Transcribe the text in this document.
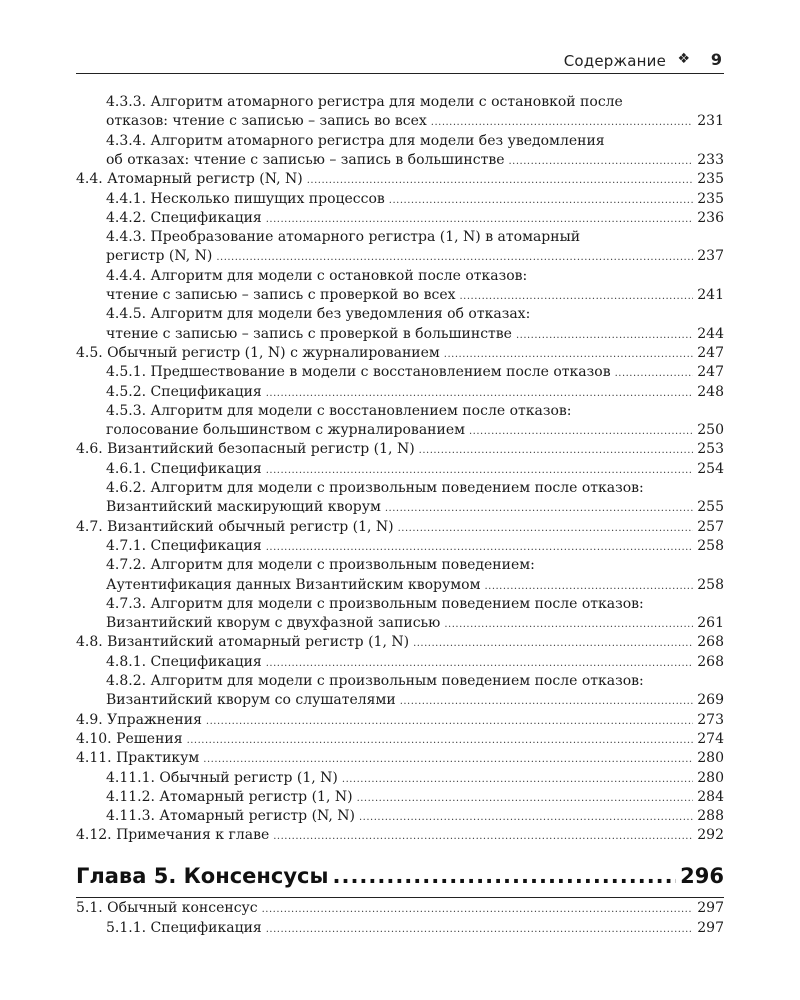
Содержание ❖ 9
4.3.3. Алгоритм атомарного регистра для модели с остановкой после
отказов: чтение с записью – запись во всех .....	231
4.3.4. Алгоритм атомарного регистра для модели без уведомления
об отказах: чтение с записью – запись в большинстве .....	233
4.4. Атомарный регистр (N, N) .....	235
4.4.1. Несколько пишущих процессов .....	235
4.4.2. Спецификация .....	236
4.4.3. Преобразование атомарного регистра (1, N) в атомарный
регистр (N, N) .....	237
4.4.4. Алгоритм для модели с остановкой после отказов:
чтение с записью – запись с проверкой во всех .....	241
4.4.5. Алгоритм для модели без уведомления об отказах:
чтение с записью – запись с проверкой в большинстве .....	244
4.5. Обычный регистр (1, N) с журналированием .....	247
4.5.1. Предшествование в модели с восстановлением после отказов .....	247
4.5.2. Спецификация .....	248
4.5.3. Алгоритм для модели с восстановлением после отказов:
голосование большинством с журналированием .....	250
4.6. Византийский безопасный регистр (1, N) .....	253
4.6.1. Спецификация .....	254
4.6.2. Алгоритм для модели с произвольным поведением после отказов:
Византийский маскирующий кворум .....	255
4.7. Византийский обычный регистр (1, N) .....	257
4.7.1. Спецификация .....	258
4.7.2. Алгоритм для модели с произвольным поведением:
Аутентификация данных Византийским кворумом .....	258
4.7.3. Алгоритм для модели с произвольным поведением после отказов:
Византийский кворум с двухфазной записью .....	261
4.8. Византийский атомарный регистр (1, N) .....	268
4.8.1. Спецификация .....	268
4.8.2. Алгоритм для модели с произвольным поведением после отказов:
Византийский кворум со слушателями .....	269
4.9. Упражнения .....	273
4.10. Решения .....	274
4.11. Практикум .....	280
4.11.1. Обычный регистр (1, N) .....	280
4.11.2. Атомарный регистр (1, N) .....	284
4.11.3. Атомарный регистр (N, N) .....	288
4.12. Примечания к главе .....	292
Глава 5. Консенсусы .....	296
5.1. Обычный консенсус .....	297
5.1.1. Спецификация .....	297
